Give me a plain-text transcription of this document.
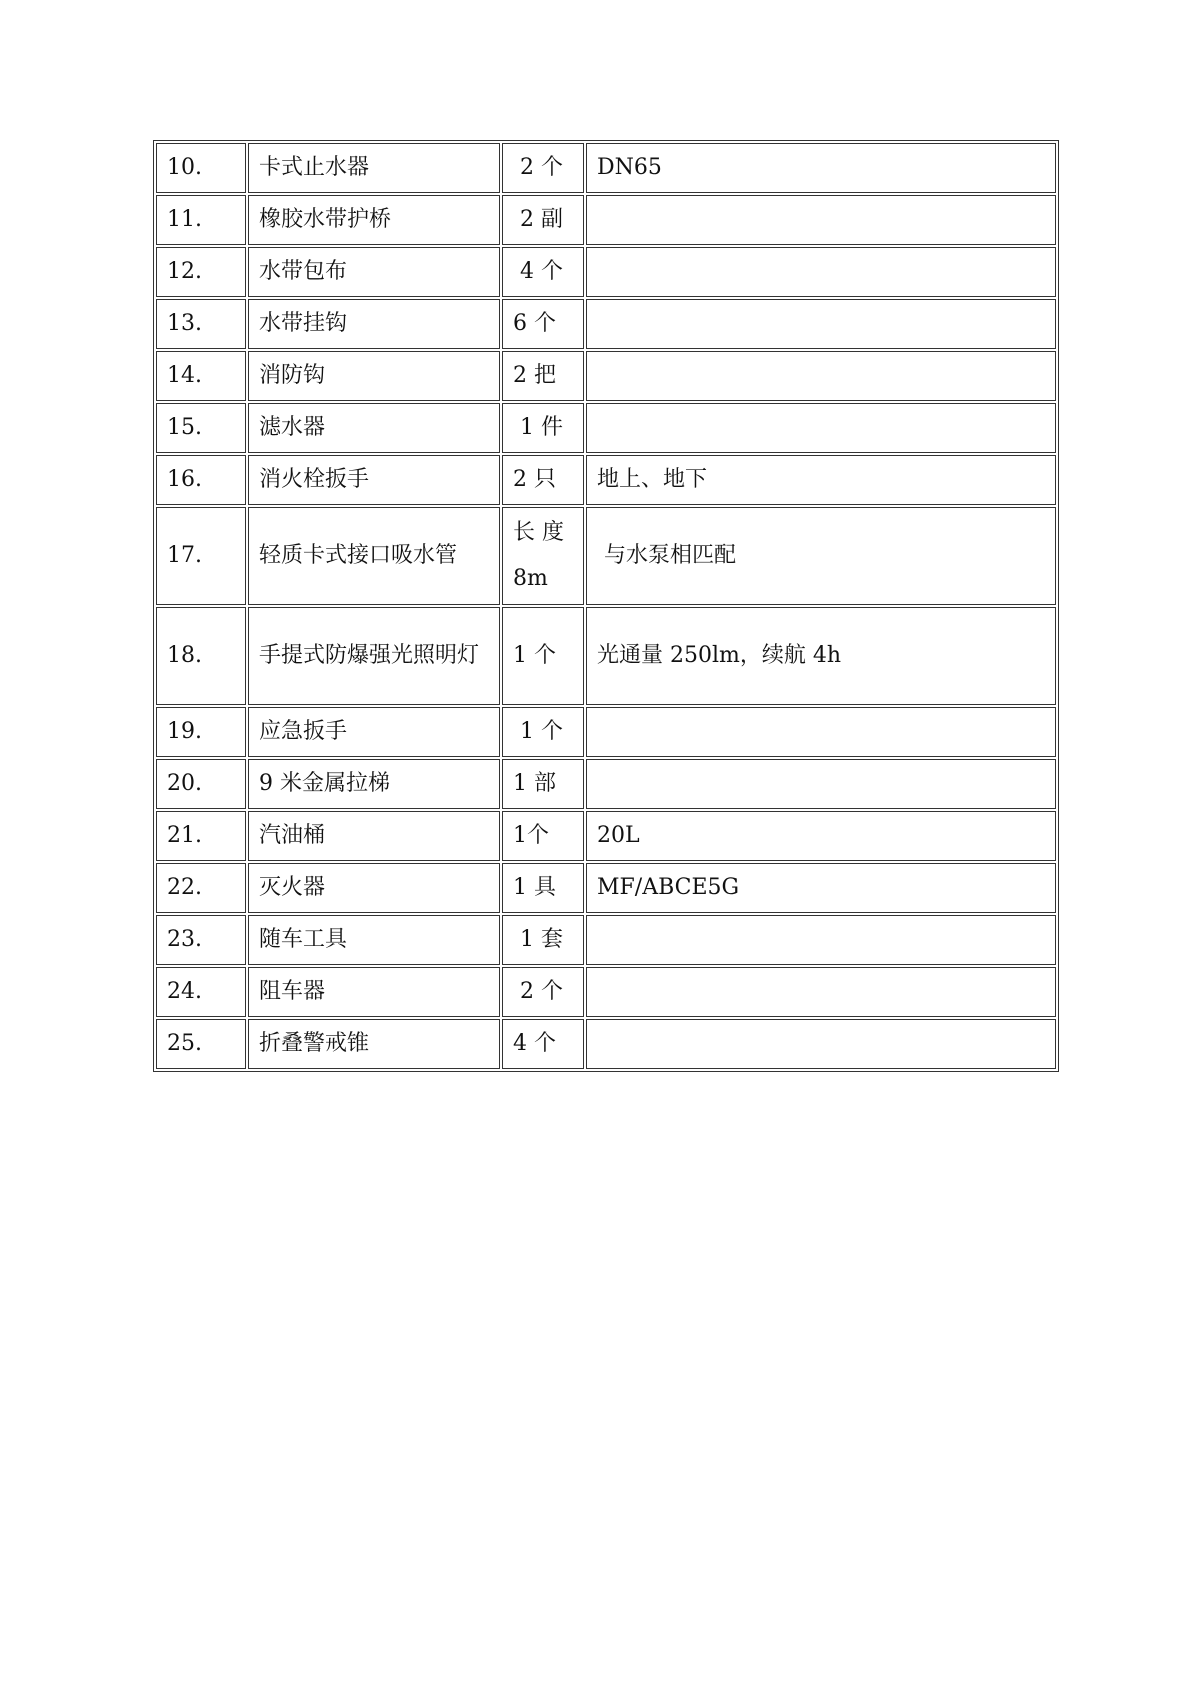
10.	卡式止水器	2 个	DN65
11.	橡胶水带护桥	2 副	
12.	水带包布	4 个	
13.	水带挂钩	6 个	
14.	消防钩	2 把	
15.	滤水器	1 件	
16.	消火栓扳手	2 只	地上、地下
17.	轻质卡式接口吸水管	长 度 8m	与水泵相匹配
18.	手提式防爆强光照明灯	1 个	光通量 250lm，续航 4h
19.	应急扳手	1 个	
20.	9 米金属拉梯	1 部	
21.	汽油桶	1个	20L
22.	灭火器	1 具	MF/ABCE5G
23.	随车工具	1 套	
24.	阻车器	2 个	
25.	折叠警戒锥	4 个	
